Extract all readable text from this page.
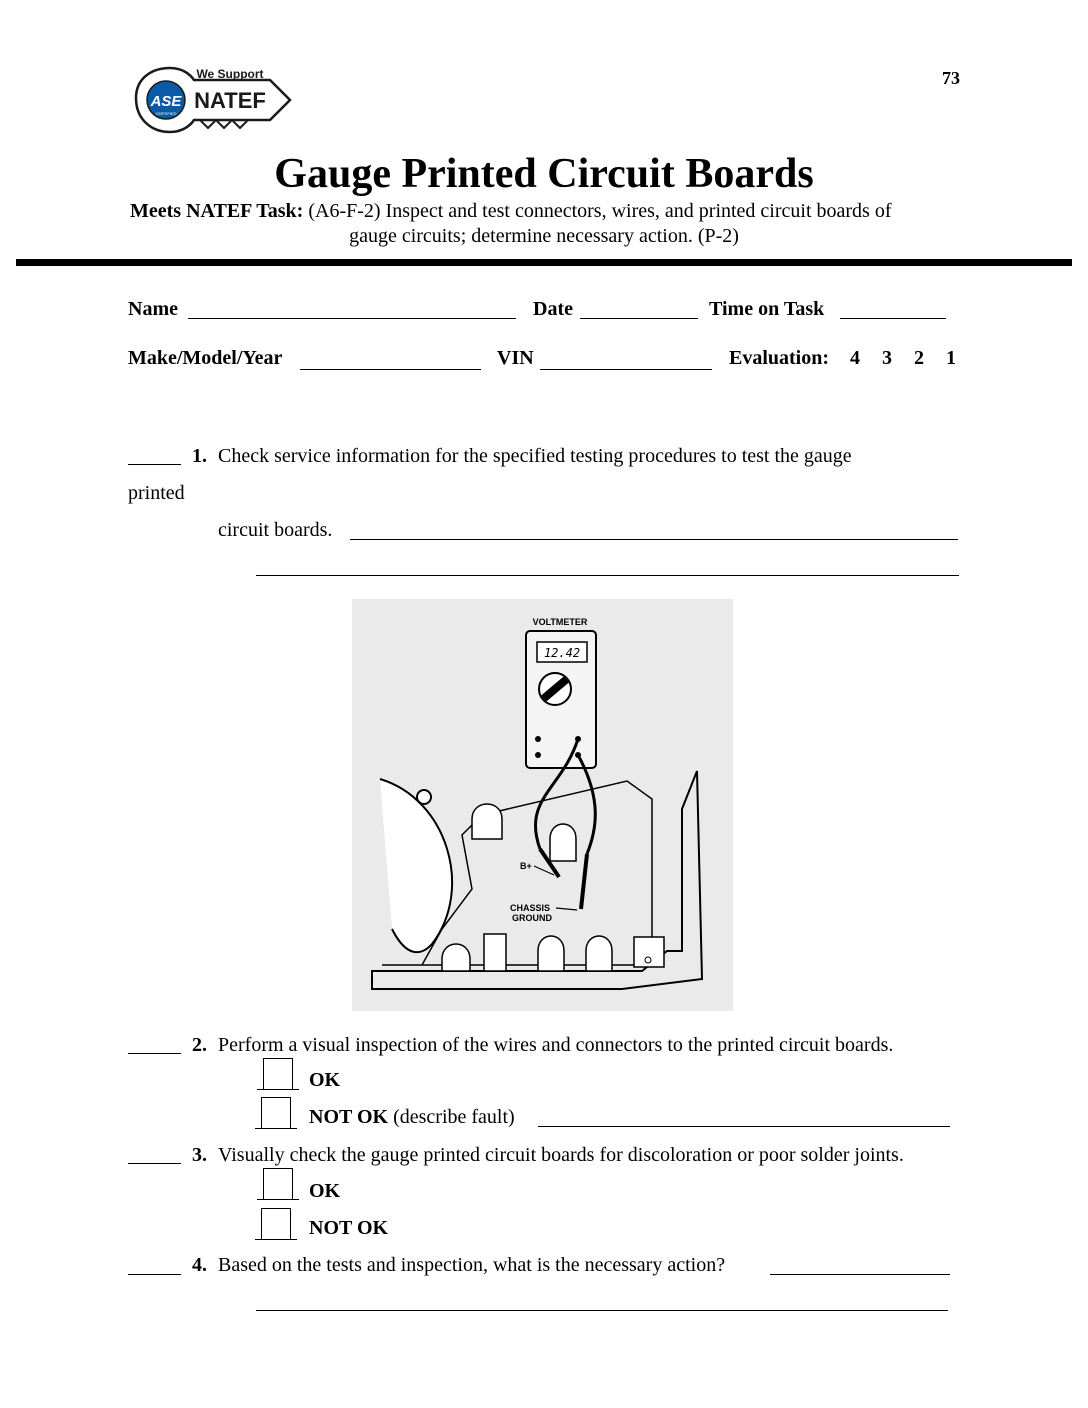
ASE
CERTIFIED
We Support
NATEF
73
Gauge Printed Circuit Boards
Meets NATEF Task: (A6-F-2) Inspect and test connectors, wires, and printed circuit boards of
gauge circuits; determine necessary action. (P-2)
Name	Date	Time on Task
Make/Model/Year	VIN	Evaluation: 4 3 2 1
1. Check service information for the specified testing procedures to test the gauge
printed
circuit boards.
VOLTMETER
12.42
B+
CHASSIS
GROUND
2. Perform a visual inspection of the wires and connectors to the printed circuit boards.
OK
NOT OK (describe fault)
3. Visually check the gauge printed circuit boards for discoloration or poor solder joints.
OK
NOT OK
4. Based on the tests and inspection, what is the necessary action?
